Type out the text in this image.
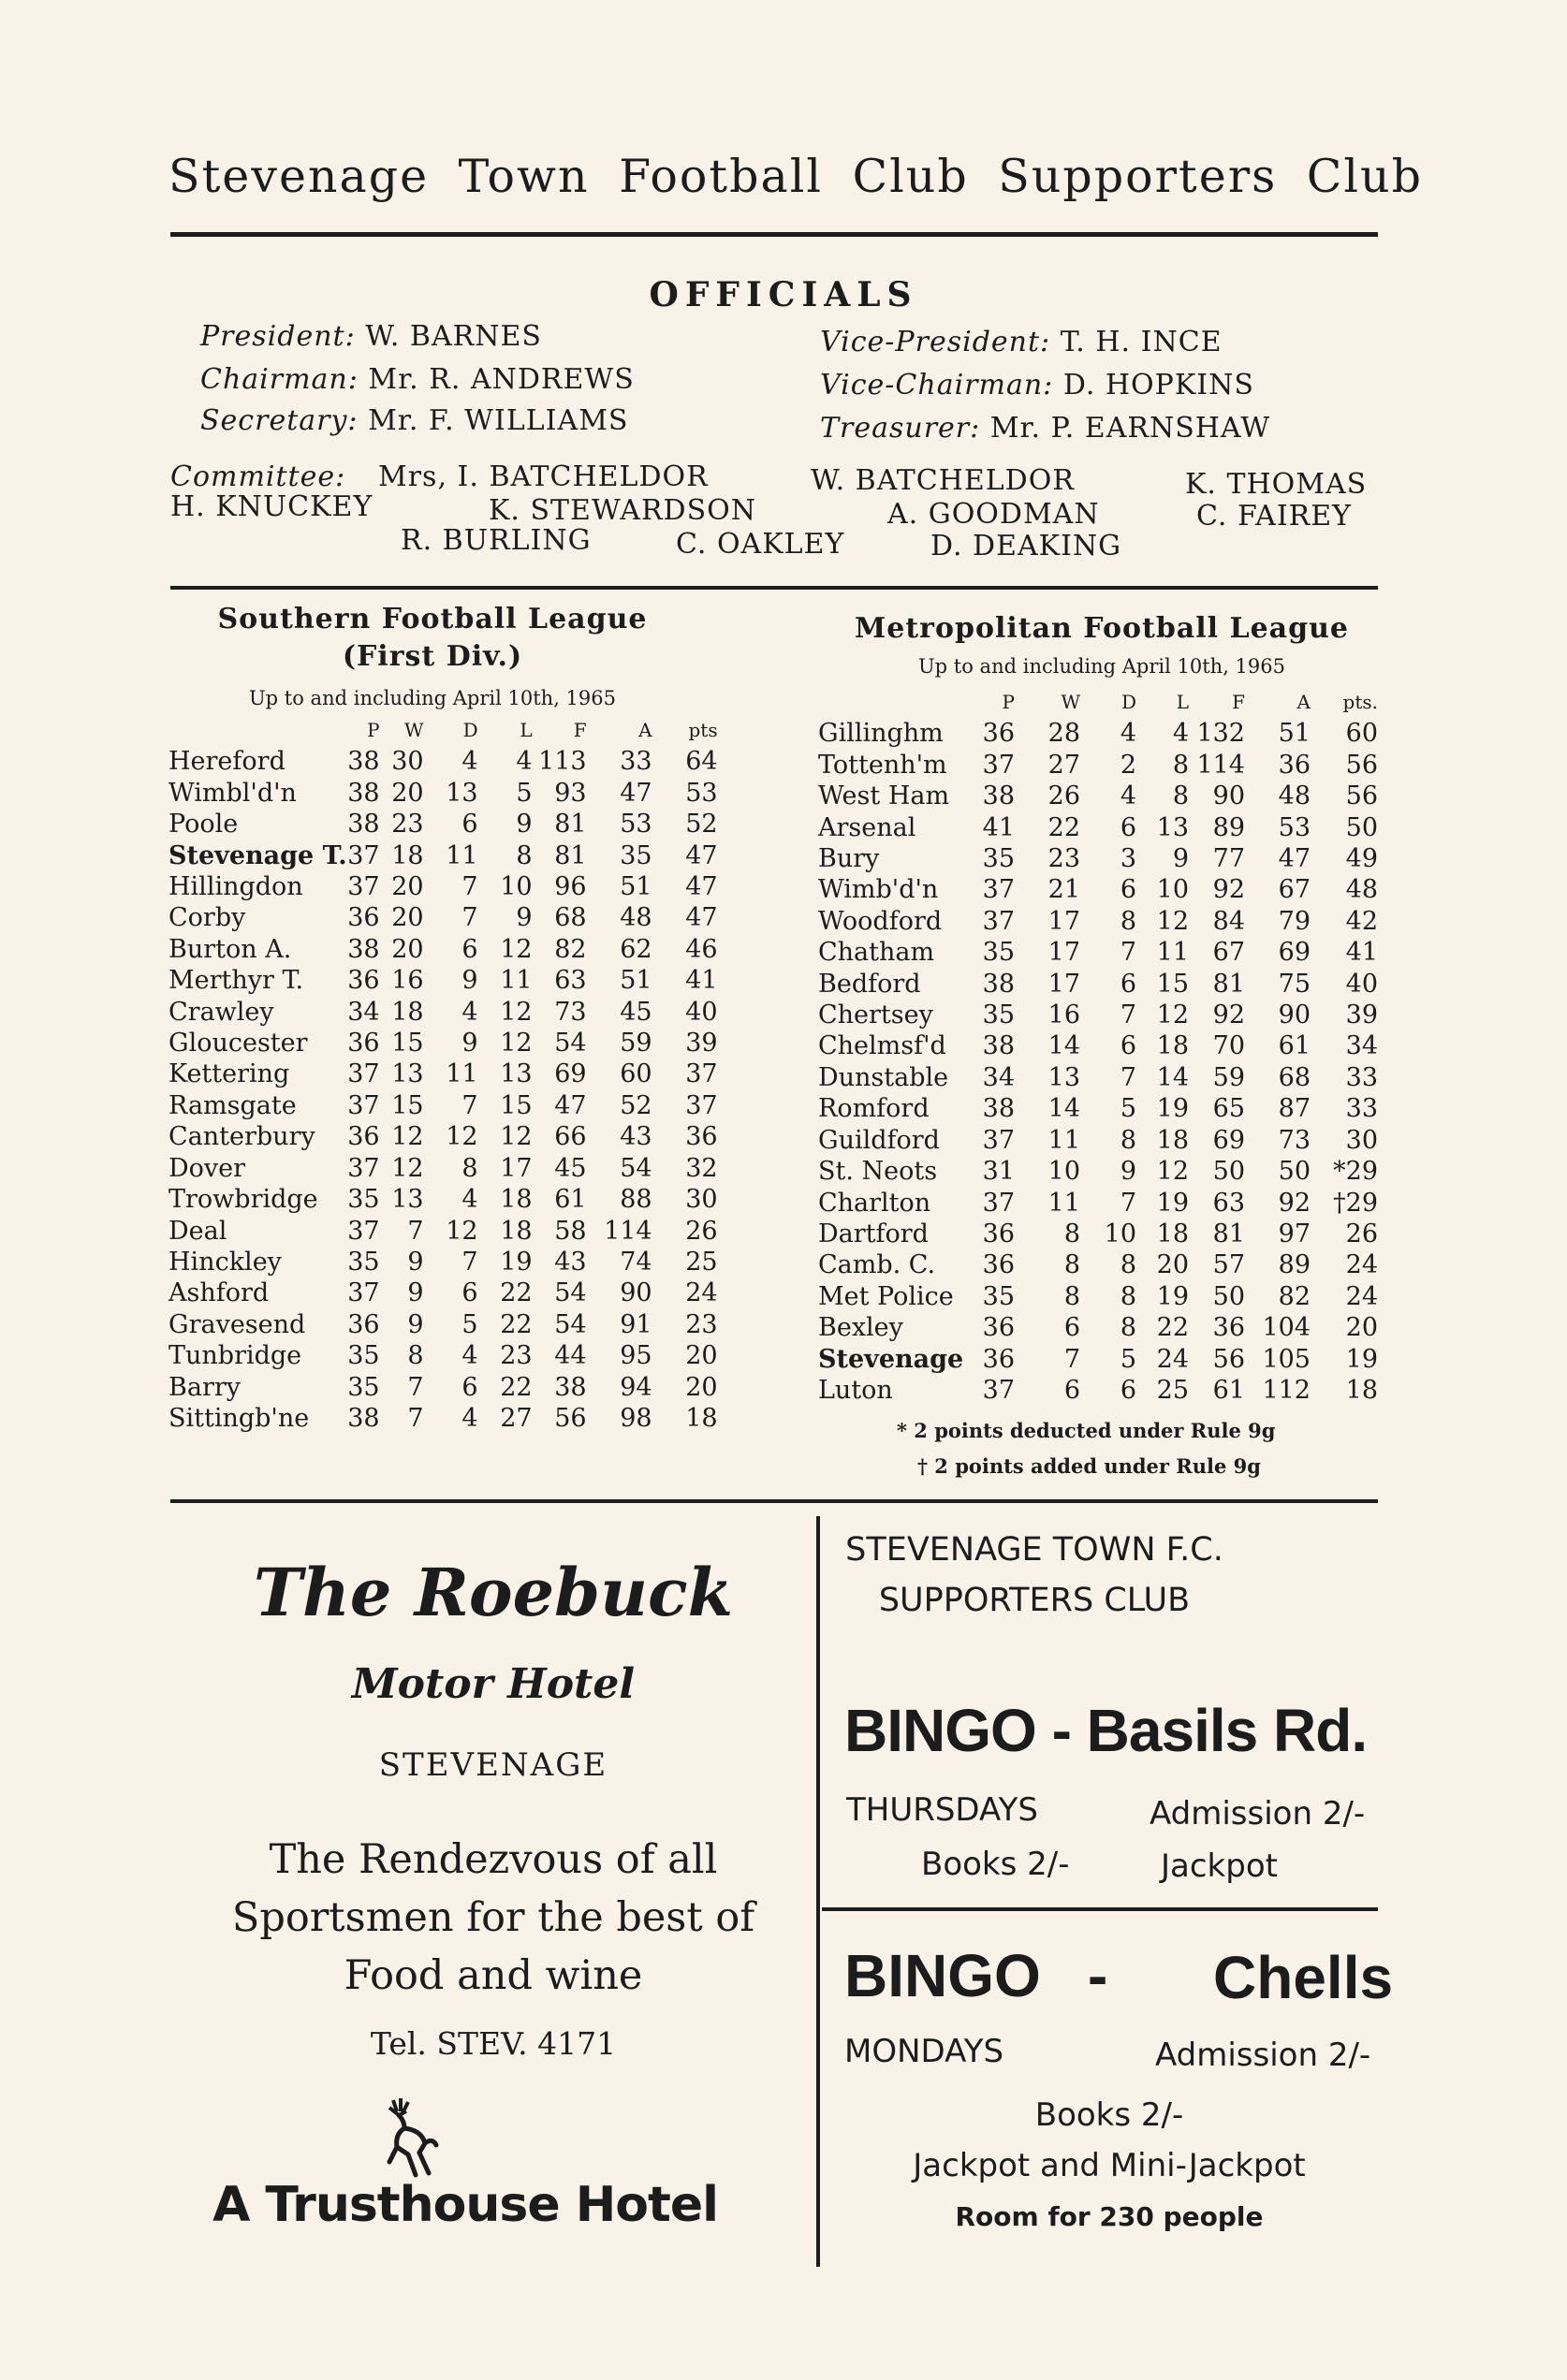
Stevenage Town Football Club Supporters Club
OFFICIALS
President: W. BARNES	Vice-President: T. H. INCE
Chairman: Mr. R. ANDREWS	Vice-Chairman: D. HOPKINS
Secretary: Mr. F. WILLIAMS	Treasurer: Mr. P. EARNSHAW
Committee: Mrs, I. BATCHELDOR	W. BATCHELDOR	K. THOMAS
H. KNUCKEY	K. STEWARDSON	A. GOODMAN	C. FAIREY
R. BURLING	C. OAKLEY	D. DEAKING
Southern Football League
(First Div.)
Up to and including April 10th, 1965
	P	W	D	L	F	A	pts
Hereford	38	30	4	4	113	33	64
Wimbl'd'n	38	20	13	5	93	47	53
Poole	38	23	6	9	81	53	52
Stevenage T.	37	18	11	8	81	35	47
Hillingdon	37	20	7	10	96	51	47
Corby	36	20	7	9	68	48	47
Burton A.	38	20	6	12	82	62	46
Merthyr T.	36	16	9	11	63	51	41
Crawley	34	18	4	12	73	45	40
Gloucester	36	15	9	12	54	59	39
Kettering	37	13	11	13	69	60	37
Ramsgate	37	15	7	15	47	52	37
Canterbury	36	12	12	12	66	43	36
Dover	37	12	8	17	45	54	32
Trowbridge	35	13	4	18	61	88	30
Deal	37	7	12	18	58	114	26
Hinckley	35	9	7	19	43	74	25
Ashford	37	9	6	22	54	90	24
Gravesend	36	9	5	22	54	91	23
Tunbridge	35	8	4	23	44	95	20
Barry	35	7	6	22	38	94	20
Sittingb'ne	38	7	4	27	56	98	18
Metropolitan Football League
Up to and including April 10th, 1965
	P	W	D	L	F	A	pts.
Gillinghm	36	28	4	4	132	51	60
Tottenh'm	37	27	2	8	114	36	56
West Ham	38	26	4	8	90	48	56
Arsenal	41	22	6	13	89	53	50
Bury	35	23	3	9	77	47	49
Wimb'd'n	37	21	6	10	92	67	48
Woodford	37	17	8	12	84	79	42
Chatham	35	17	7	11	67	69	41
Bedford	38	17	6	15	81	75	40
Chertsey	35	16	7	12	92	90	39
Chelmsf'd	38	14	6	18	70	61	34
Dunstable	34	13	7	14	59	68	33
Romford	38	14	5	19	65	87	33
Guildford	37	11	8	18	69	73	30
St. Neots	31	10	9	12	50	50	*29
Charlton	37	11	7	19	63	92	†29
Dartford	36	8	10	18	81	97	26
Camb. C.	36	8	8	20	57	89	24
Met Police	35	8	8	19	50	82	24
Bexley	36	6	8	22	36	104	20
Stevenage	36	7	5	24	56	105	19
Luton	37	6	6	25	61	112	18
* 2 points deducted under Rule 9g
† 2 points added under Rule 9g
The Roebuck
Motor Hotel
STEVENAGE
The Rendezvous of all
Sportsmen for the best of
Food and wine
Tel. STEV. 4171
A Trusthouse Hotel
STEVENAGE TOWN F.C.
SUPPORTERS CLUB
BINGO - Basils Rd.
THURSDAYS	Admission 2/-
Books 2/-	Jackpot
BINGO - Chells
MONDAYS	Admission 2/-
Books 2/-
Jackpot and Mini-Jackpot
Room for 230 people
